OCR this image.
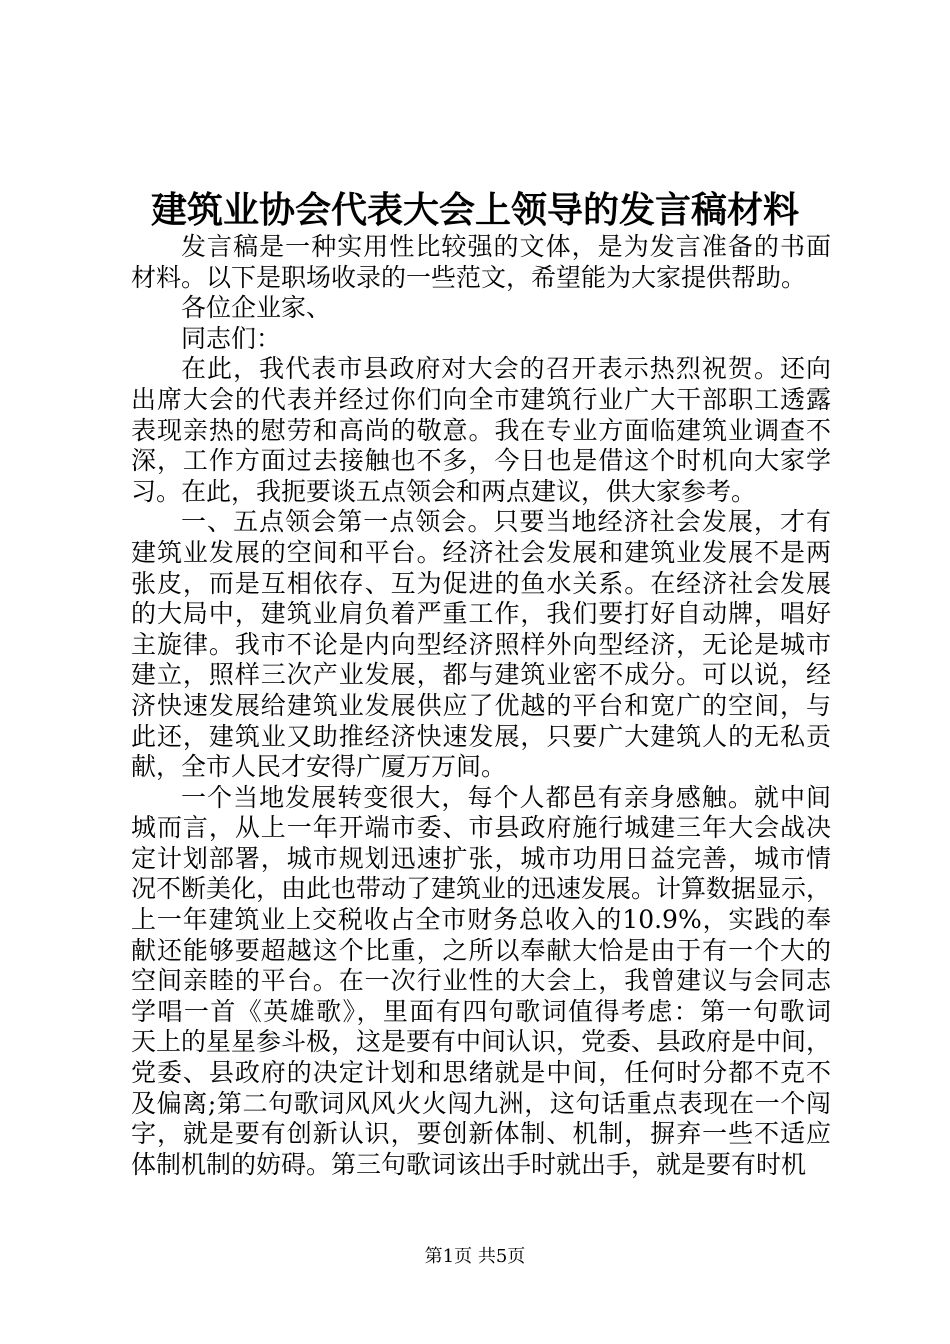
建筑业协会代表大会上领导的发言稿材料
发言稿是一种实用性比较强的文体，是为发言准备的书面
材料。以下是职场收录的一些范文，希望能为大家提供帮助。
各位企业家、
同志们：
在此，我代表市县政府对大会的召开表示热烈祝贺。还向
出席大会的代表并经过你们向全市建筑行业广大干部职工透露
表现亲热的慰劳和高尚的敬意。我在专业方面临建筑业调查不
深，工作方面过去接触也不多，今日也是借这个时机向大家学
习。在此，我扼要谈五点领会和两点建议，供大家参考。
一、五点领会第一点领会。只要当地经济社会发展，才有
建筑业发展的空间和平台。经济社会发展和建筑业发展不是两
张皮，而是互相依存、互为促进的鱼水关系。在经济社会发展
的大局中，建筑业肩负着严重工作，我们要打好自动牌，唱好
主旋律。我市不论是内向型经济照样外向型经济，无论是城市
建立，照样三次产业发展，都与建筑业密不成分。可以说，经
济快速发展给建筑业发展供应了优越的平台和宽广的空间，与
此还，建筑业又助推经济快速发展，只要广大建筑人的无私贡
献，全市人民才安得广厦万万间。
一个当地发展转变很大，每个人都邑有亲身感触。就中间
城而言，从上一年开端市委、市县政府施行城建三年大会战决
定计划部署，城市规划迅速扩张，城市功用日益完善，城市情
况不断美化，由此也带动了建筑业的迅速发展。计算数据显示，
上一年建筑业上交税收占全市财务总收入的10.9%，实践的奉
献还能够要超越这个比重，之所以奉献大恰是由于有一个大的
空间亲睦的平台。在一次行业性的大会上，我曾建议与会同志
学唱一首《英雄歌》，里面有四句歌词值得考虑：第一句歌词
天上的星星参斗极，这是要有中间认识，党委、县政府是中间，
党委、县政府的决定计划和思绪就是中间，任何时分都不克不
及偏离;第二句歌词风风火火闯九洲，这句话重点表现在一个闯
字，就是要有创新认识，要创新体制、机制，摒弃一些不适应
体制机制的妨碍。第三句歌词该出手时就出手，就是要有时机
第1页 共5页
